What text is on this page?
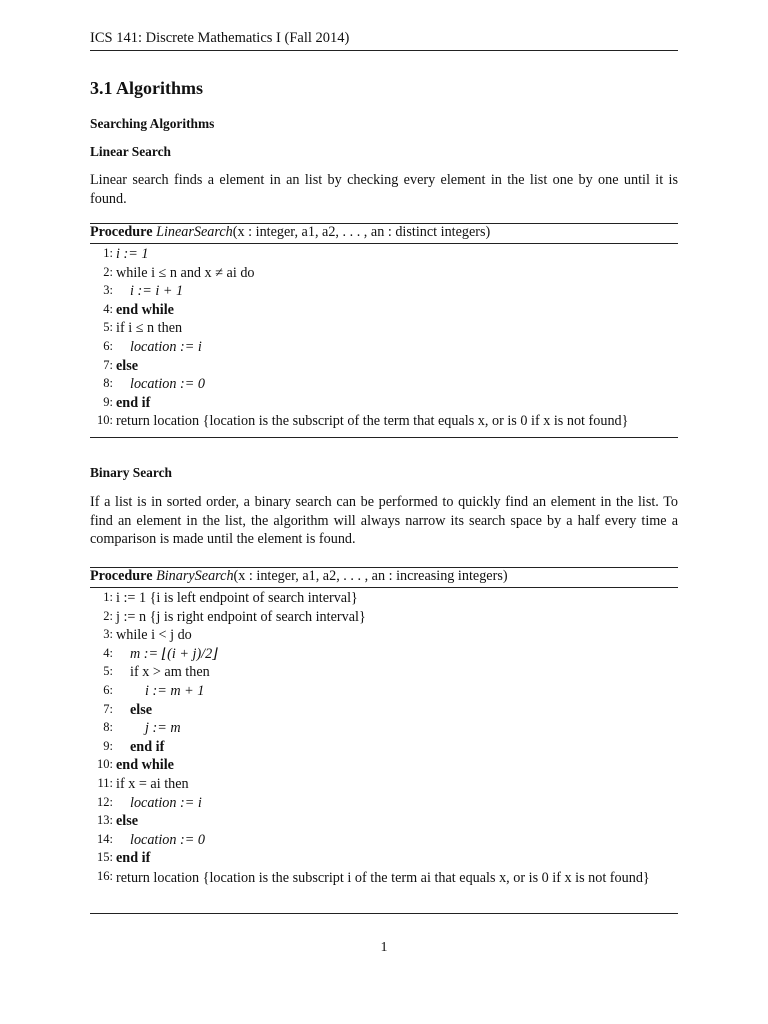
ICS 141: Discrete Mathematics I (Fall 2014)
3.1 Algorithms
Searching Algorithms
Linear Search
Linear search finds a element in an list by checking every element in the list one by one until it is found.
Procedure LinearSearch(x : integer, a1, a2, . . . , an : distinct integers)
1: i := 1
2: while i ≤ n and x ≠ ai do
3: i := i + 1
4: end while
5: if i ≤ n then
6: location := i
7: else
8: location := 0
9: end if
10: return location {location is the subscript of the term that equals x, or is 0 if x is not found}
Binary Search
If a list is in sorted order, a binary search can be performed to quickly find an element in the list. To find an element in the list, the algorithm will always narrow its search space by a half every time a comparison is made until the element is found.
Procedure BinarySearch(x : integer, a1, a2, . . . , an : increasing integers)
1: i := 1 {i is left endpoint of search interval}
2: j := n {j is right endpoint of search interval}
3: while i < j do
4: m := ⌊(i + j)/2⌋
5: if x > am then
6: i := m + 1
7: else
8: j := m
9: end if
10: end while
11: if x = ai then
12: location := i
13: else
14: location := 0
15: end if
16: return location {location is the subscript i of the term ai that equals x, or is 0 if x is not found}
1
